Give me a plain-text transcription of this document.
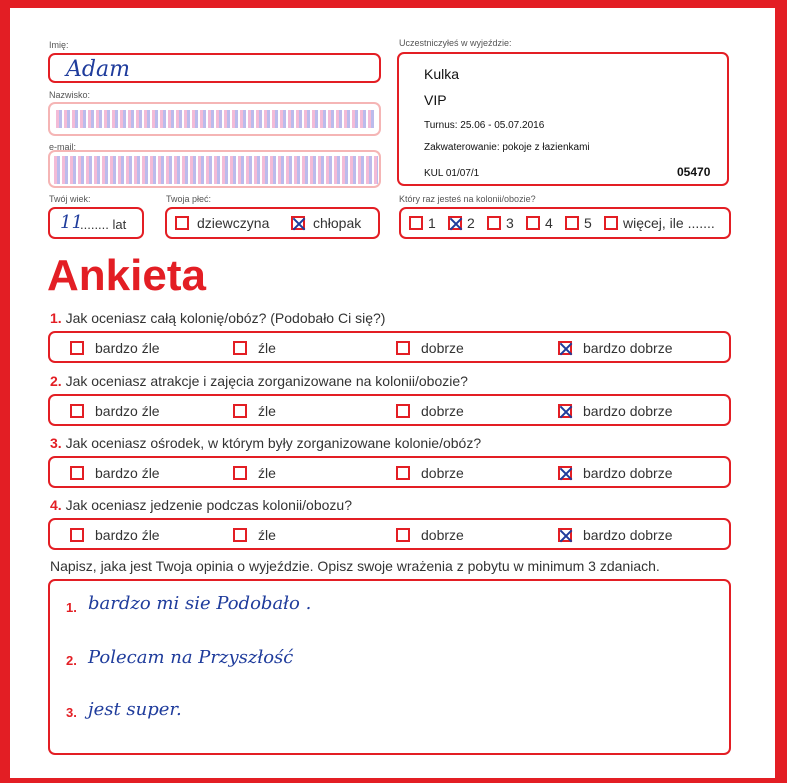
Imię:
Adam
Nazwisko:
e-mail:
Uczestniczyłeś w wyjeździe:
Kulka
VIP
Turnus: 25.06 - 05.07.2016
Zakwaterowanie: pokoje z łazienkami
KUL 01/07/1	05470
Twój wiek:
11
........ lat
Twoja płeć:
dziewczyna	chłopak
Który raz jesteś na kolonii/obozie?
1 2 3 4 5 więcej, ile .......
Ankieta
1. Jak oceniasz całą kolonię/obóz? (Podobało Ci się?)
bardzo źle	źle	dobrze	bardzo dobrze
2. Jak oceniasz atrakcje i zajęcia zorganizowane na kolonii/obozie?
bardzo źle	źle	dobrze	bardzo dobrze
3. Jak oceniasz ośrodek, w którym były zorganizowane kolonie/obóz?
bardzo źle	źle	dobrze	bardzo dobrze
4. Jak oceniasz jedzenie podczas kolonii/obozu?
bardzo źle	źle	dobrze	bardzo dobrze
Napisz, jaka jest Twoja opinia o wyjeździe. Opisz swoje wrażenia z pobytu w minimum 3 zdaniach.
1. bardzo mi sie Podobało .
2. Polecam na Przyszłość
3. jest super.
